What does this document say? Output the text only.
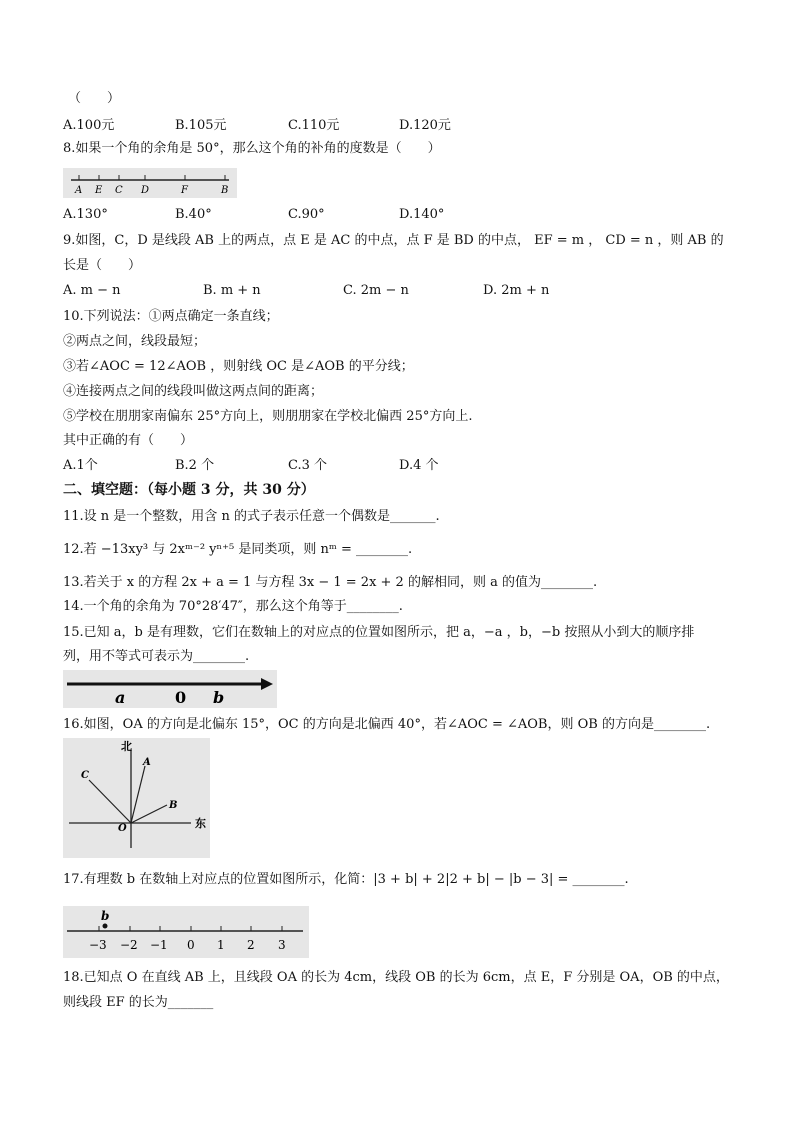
（　　）
A.100元	B.105元	C.110元	D.120元
8.如果一个角的余角是 50°，那么这个角的补角的度数是（　　）
A E C D	F	B
A.130°	B.40°	C.90°	D.140°
9.如图，C，D 是线段 AB 上的两点，点 E 是 AC 的中点，点 F 是 BD 的中点， EF = m ， CD = n ，则 AB 的
长是（　　）
A. m − n	B. m + n	C. 2m − n	D. 2m + n
10.下列说法：①两点确定一条直线；
②两点之间，线段最短；
③若∠AOC = 12∠AOB ，则射线 OC 是∠AOB 的平分线；
④连接两点之间的线段叫做这两点间的距离；
⑤学校在朋朋家南偏东 25°方向上，则朋朋家在学校北偏西 25°方向上.
其中正确的有（　　）
A.1个	B.2 个	C.3 个	D.4 个
二、填空题：（每小题 3 分，共 30 分）
11.设 n 是一个整数，用含 n 的式子表示任意一个偶数是_______.
12.若 −13xy³ 与 2xᵐ⁻² yⁿ⁺⁵ 是同类项，则 nᵐ = ________.
13.若关于 x 的方程 2x + a = 1 与方程 3x − 1 = 2x + 2 的解相同，则 a 的值为________.
14.一个角的余角为 70°28′47″，那么这个角等于________.
15.已知 a，b 是有理数，它们在数轴上的对应点的位置如图所示，把 a，−a ，b，−b 按照从小到大的顺序排
列，用不等式可表示为________.
a	0 b
16.如图，OA 的方向是北偏东 15°，OC 的方向是北偏西 40°，若∠AOC = ∠AOB，则 OB 的方向是________.
北
东
A
C
B
O
17.有理数 b 在数轴上对应点的位置如图所示，化简：|3 + b| + 2|2 + b| − |b − 3| = ________.
b
−3 −2 −1 0 1 2 3
18.已知点 O 在直线 AB 上，且线段 OA 的长为 4cm，线段 OB 的长为 6cm，点 E，F 分别是 OA，OB 的中点，
则线段 EF 的长为_______
